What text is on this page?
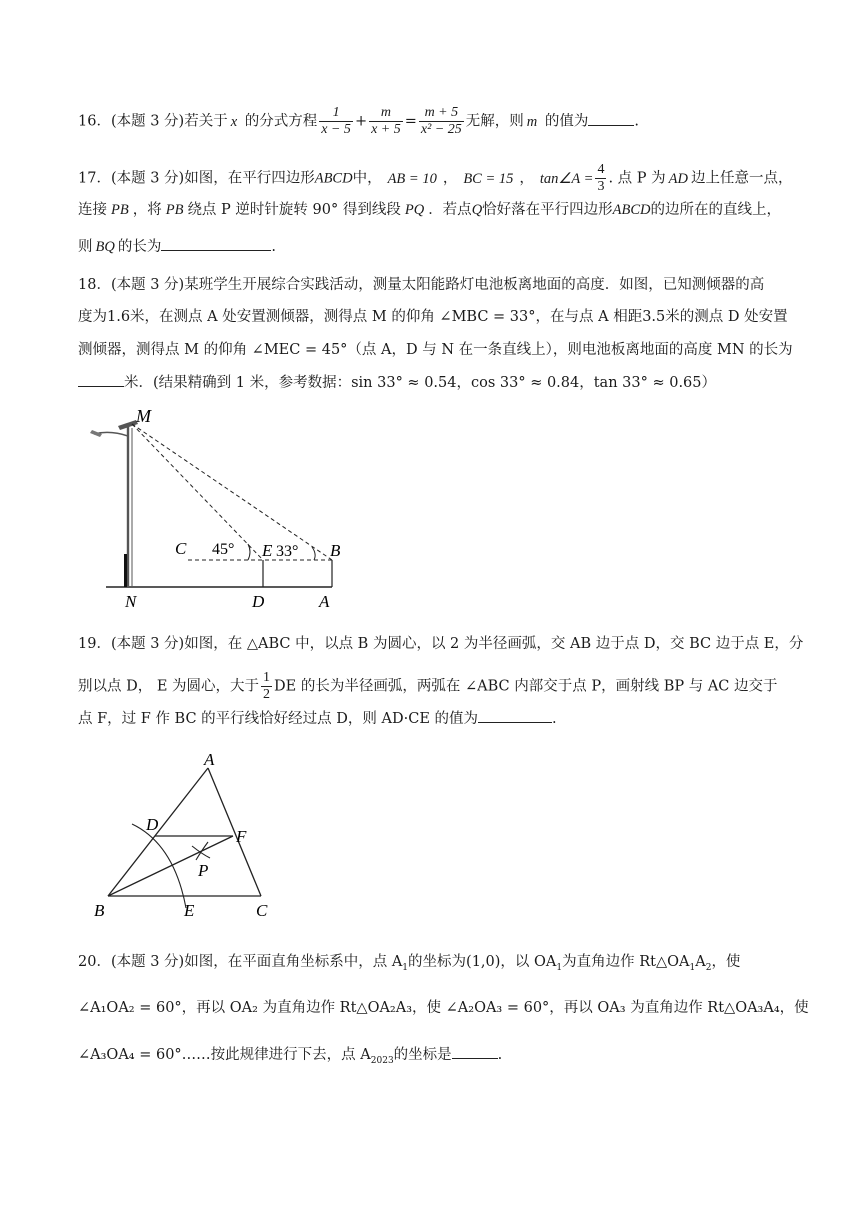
16．(本题 3 分)若关于 x 的分式方程 $\frac{1}{x - 5} + \frac{m}{x + 5} = \frac{m + 5}{\text{x² − 25}}$ 无解，则 m 的值为	.
17．(本题 3 分)如图，在平行四边形ABCD中， AB = 10 ， BC = 15 ， tan∠A = $\frac{4}{3}$ . 点 P 为 AD 边上任意一点，
连接 PB ，将 PB 绕点 P 逆时针旋转 90° 得到线段 PQ ．若点Q恰好落在平行四边形ABCD的边所在的直线上，
则 BQ 的长为	.
18．(本题 3 分)某班学生开展综合实践活动，测量太阳能路灯电池板离地面的高度．如图，已知测倾器的高
度为1.6米，在测点 A 处安置测倾器，测得点 M 的仰角 ∠MBC = 33°，在与点 A 相距3.5米的测点 D 处安置
测倾器，测得点 M 的仰角 ∠MEC = 45°（点 A，D 与 N 在一条直线上），则电池板离地面的高度 MN 的长为
米．(结果精确到 1 米，参考数据：sin 33° ≈ 0.54，cos 33° ≈ 0.84，tan 33° ≈ 0.65）
M
C 45° E 33° B
N	D	A
19．(本题 3 分)如图，在 △ABC 中，以点 B 为圆心，以 2 为半径画弧，交 AB 边于点 D，交 BC 边于点 E，分
别以点 D， E 为圆心，大于 $\frac{1}{2}$ DE 的长为半径画弧，两弧在 ∠ABC 内部交于点 P，画射线 BP 与 AC 边交于
点 F，过 F 作 BC 的平行线恰好经过点 D，则 AD·CE 的值为	.
A
D
F
P
B	E	C
20．(本题 3 分)如图，在平面直角坐标系中，点 $A_1$的坐标为(1,0)，以 $OA_1$为直角边作 $Rt\triangle OA_1A_2$，使
∠A₁OA₂ = 60°，再以 OA₂ 为直角边作 Rt△OA₂A₃，使 ∠A₂OA₃ = 60°，再以 OA₃ 为直角边作 Rt△OA₃A₄，使
∠A₃OA₄ = 60°……按此规律进行下去，点 $A_{2023}$的坐标是	.
